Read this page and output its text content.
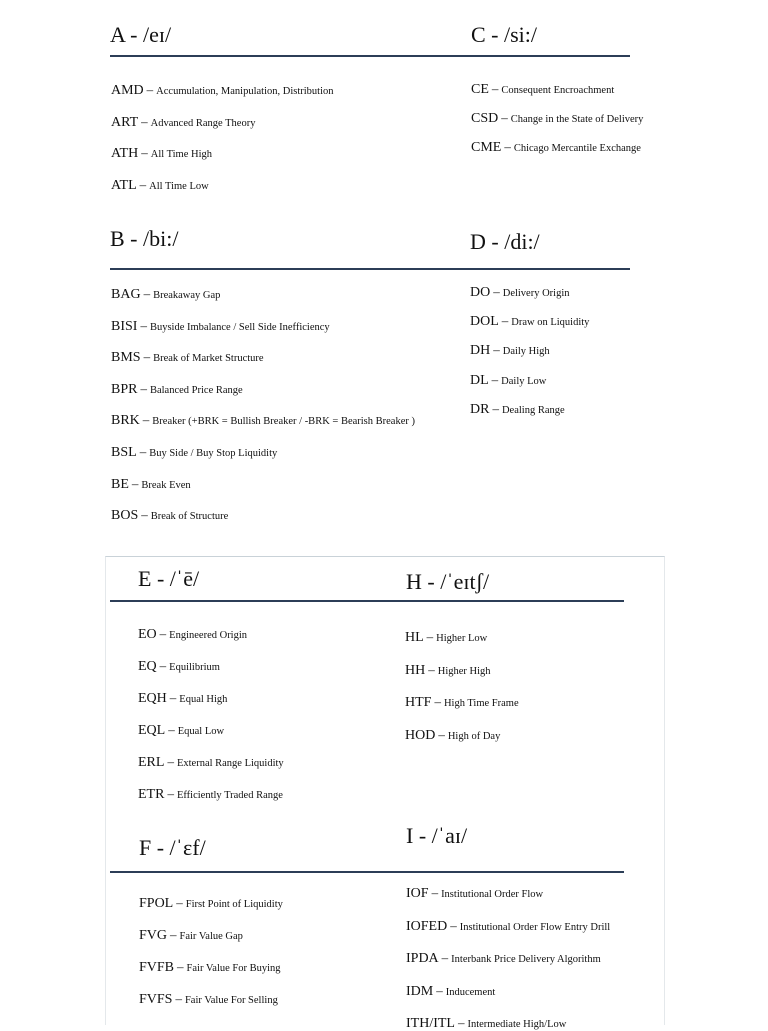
A - /eɪ/
AMD – Accumulation, Manipulation, Distribution
ART – Advanced Range Theory
ATH – All Time High
ATL – All Time Low
C - /si:/
CE – Consequent Encroachment
CSD – Change in the State of Delivery
CME – Chicago Mercantile Exchange
B - /bi:/
BAG – Breakaway Gap
BISI – Buyside Imbalance / Sell Side Inefficiency
BMS – Break of Market Structure
BPR – Balanced Price Range
BRK – Breaker (+BRK = Bullish Breaker / -BRK = Bearish Breaker )
BSL – Buy Side / Buy Stop Liquidity
BE – Break Even
BOS – Break of Structure
D - /di:/
DO – Delivery Origin
DOL – Draw on Liquidity
DH – Daily High
DL – Daily Low
DR – Dealing Range
E - /ˈē/
EO – Engineered Origin
EQ – Equilibrium
EQH – Equal High
EQL – Equal Low
ERL – External Range Liquidity
ETR – Efficiently Traded Range
H - /ˈeɪtʃ/
HL – Higher Low
HH – Higher High
HTF – High Time Frame
HOD – High of Day
F - /ˈɛf/
FPOL – First Point of Liquidity
FVG – Fair Value Gap
FVFB – Fair Value For Buying
FVFS – Fair Value For Selling
I - /ˈaɪ/
IOF – Institutional Order Flow
IOFED – Institutional Order Flow Entry Drill
IPDA – Interbank Price Delivery Algorithm
IDM – Inducement
ITH/ITL – Intermediate High/Low
